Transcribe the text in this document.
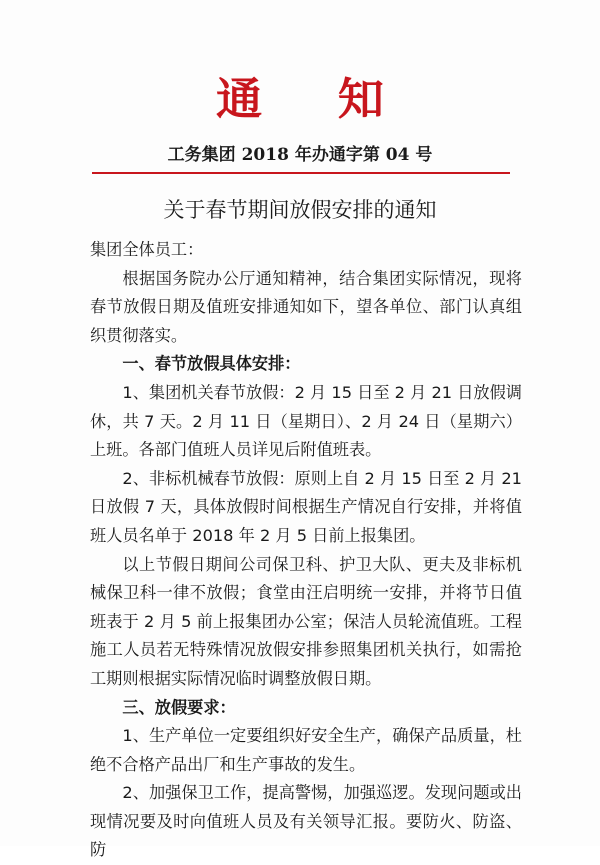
通知
工务集团 2018 年办通字第 04 号
关于春节期间放假安排的通知

集团全体员工：

根据国务院办公厅通知精神，结合集团实际情况，现将春节放假日期及值班安排通知如下，望各单位、部门认真组织贯彻落实。

一、春节放假具体安排：

1、集团机关春节放假：2 月 15 日至 2 月 21 日放假调休，共 7 天。2 月 11 日（星期日）、2 月 24 日（星期六）上班。各部门值班人员详见后附值班表。

2、非标机械春节放假：原则上自 2 月 15 日至 2 月 21 日放假 7 天，具体放假时间根据生产情况自行安排，并将值班人员名单于 2018 年 2 月 5 日前上报集团。

以上节假日期间公司保卫科、护卫大队、更夫及非标机械保卫科一律不放假；食堂由汪启明统一安排，并将节日值班表于 2 月 5 前上报集团办公室；保洁人员轮流值班。工程施工人员若无特殊情况放假安排参照集团机关执行，如需抢工期则根据实际情况临时调整放假日期。

三、放假要求：

1、生产单位一定要组织好安全生产，确保产品质量，杜绝不合格产品出厂和生产事故的发生。

2、加强保卫工作，提高警惕，加强巡逻。发现问题或出现情况要及时向值班人员及有关领导汇报。要防火、防盗、防
